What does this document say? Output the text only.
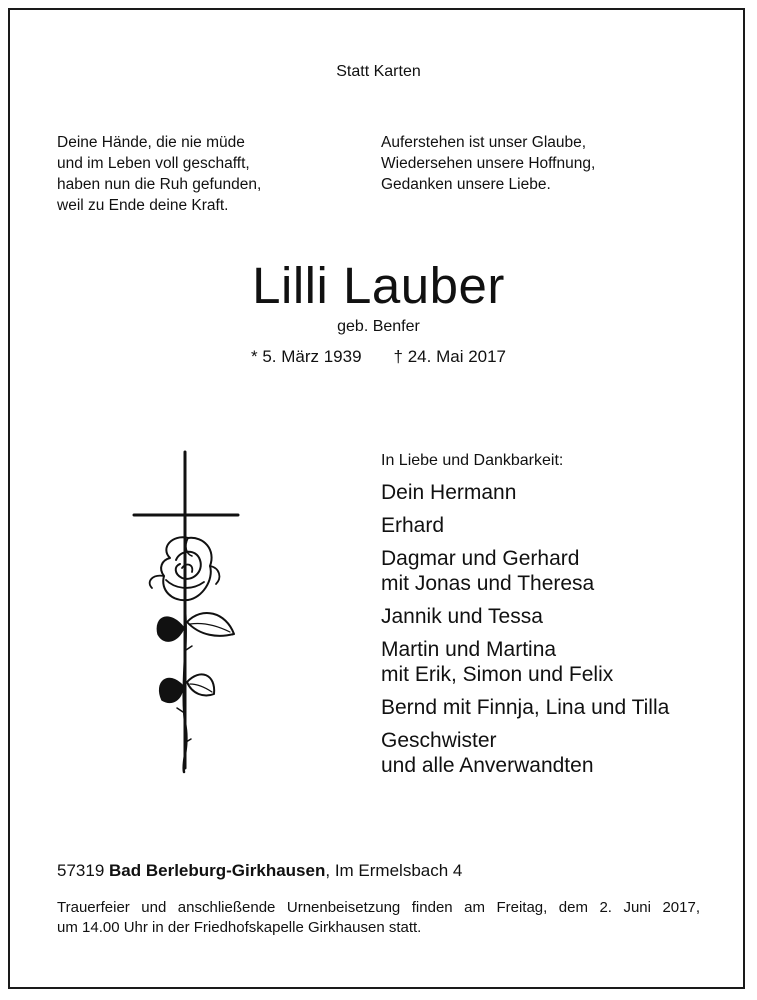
Statt Karten
Deine Hände, die nie müde
und im Leben voll geschafft,
haben nun die Ruh gefunden,
weil zu Ende deine Kraft.
Auferstehen ist unser Glaube,
Wiedersehen unsere Hoffnung,
Gedanken unsere Liebe.
Lilli Lauber
geb. Benfer
* 5. März 1939 † 24. Mai 2017
In Liebe und Dankbarkeit:
Dein Hermann
Erhard
Dagmar und Gerhard
mit Jonas und Theresa
Jannik und Tessa
Martin und Martina
mit Erik, Simon und Felix
Bernd mit Finnja, Lina und Tilla
Geschwister
und alle Anverwandten
57319 Bad Berleburg-Girkhausen, Im Ermelsbach 4
Trauerfeier und anschließende Urnenbeisetzung finden am Freitag, dem 2. Juni 2017,
um 14.00 Uhr in der Friedhofskapelle Girkhausen statt.
